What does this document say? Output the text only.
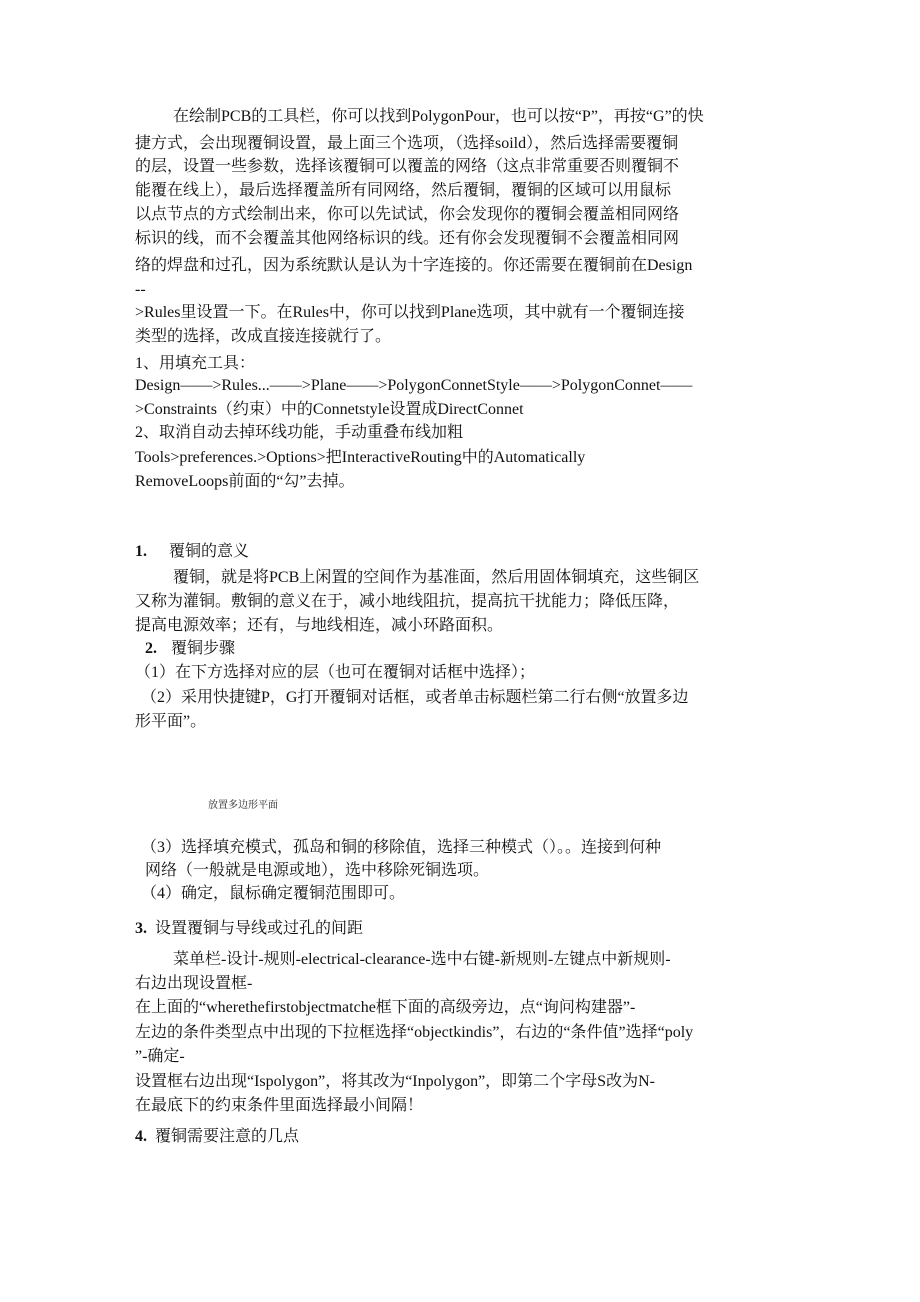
在绘制PCB的工具栏，你可以找到PolygonPour，也可以按“P”，再按“G”的快
捷方式，会出现覆铜设置，最上面三个选项，（选择soild），然后选择需要覆铜
的层，设置一些参数，选择该覆铜可以覆盖的网络（这点非常重要否则覆铜不
能覆在线上），最后选择覆盖所有同网络，然后覆铜，覆铜的区域可以用鼠标
以点节点的方式绘制出来，你可以先试试，你会发现你的覆铜会覆盖相同网络
标识的线，而不会覆盖其他网络标识的线。还有你会发现覆铜不会覆盖相同网
络的焊盘和过孔，因为系统默认是认为十字连接的。你还需要在覆铜前在Design
--
>Rules里设置一下。在Rules中，你可以找到Plane选项，其中就有一个覆铜连接
类型的选择，改成直接连接就行了。
1、用填充工具：
Design——>Rules...——>Plane——>PolygonConnetStyle——>PolygonConnet——
>Constraints（约束）中的Connetstyle设置成DirectConnet
2、取消自动去掉环线功能，手动重叠布线加粗
Tools>preferences.>Options>把InteractiveRouting中的Automatically
RemoveLoops前面的“勾”去掉。
1. 覆铜的意义
覆铜，就是将PCB上闲置的空间作为基准面，然后用固体铜填充，这些铜区
又称为灌铜。敷铜的意义在于，减小地线阻抗，提高抗干扰能力；降低压降，
提高电源效率；还有，与地线相连，减小环路面积。
2. 覆铜步骤
（1）在下方选择对应的层（也可在覆铜对话框中选择）；
（2）采用快捷键P，G打开覆铜对话框，或者单击标题栏第二行右侧“放置多边
形平面”。
放置多边形平面
（3）选择填充模式，孤岛和铜的移除值，选择三种模式（）。。连接到何种
网络（一般就是电源或地），选中移除死铜选项。
（4）确定，鼠标确定覆铜范围即可。
3. 设置覆铜与导线或过孔的间距
菜单栏-设计-规则-electrical-clearance-选中右键-新规则-左键点中新规则-
右边出现设置框-
在上面的“wherethefirstobjectmatche框下面的高级旁边，点“询问构建器”-
左边的条件类型点中出现的下拉框选择“objectkindis”，右边的“条件值”选择“poly
”-确定-
设置框右边出现“Ispolygon”，将其改为“Inpolygon”，即第二个字母S改为N-
在最底下的约束条件里面选择最小间隔！
4. 覆铜需要注意的几点
